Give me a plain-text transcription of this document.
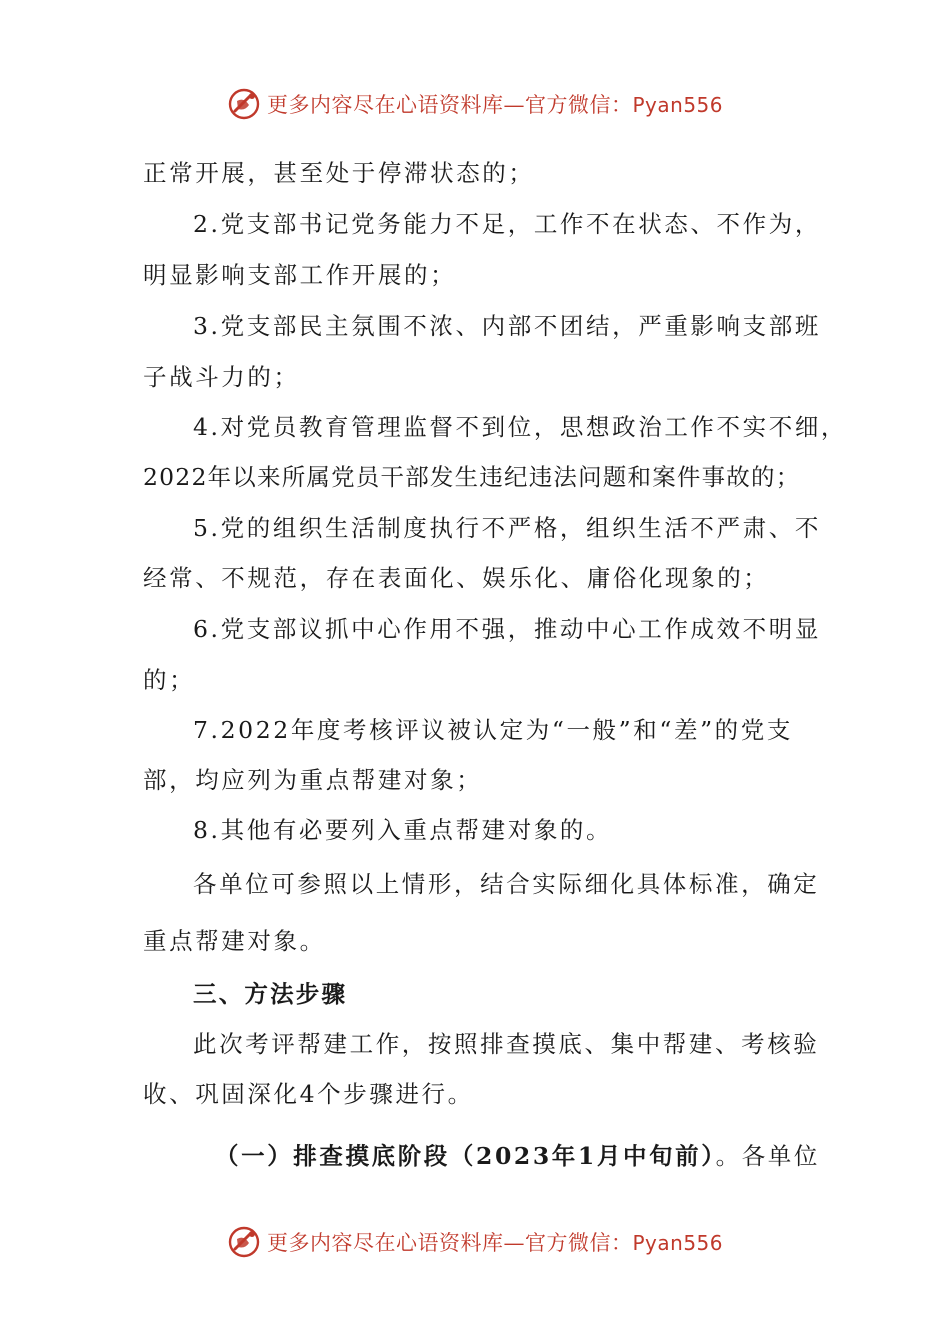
更多内容尽在心语资料库—官方微信：Pyan556
正常开展，甚至处于停滞状态的；
2.党支部书记党务能力不足，工作不在状态、不作为，
明显影响支部工作开展的；
3.党支部民主氛围不浓、内部不团结，严重影响支部班
子战斗力的；
4.对党员教育管理监督不到位，思想政治工作不实不细，
2022年以来所属党员干部发生违纪违法问题和案件事故的；
5.党的组织生活制度执行不严格，组织生活不严肃、不
经常、不规范，存在表面化、娱乐化、庸俗化现象的；
6.党支部议抓中心作用不强，推动中心工作成效不明显
的；
7.2022年度考核评议被认定为“一般”和“差”的党支
部，均应列为重点帮建对象；
8.其他有必要列入重点帮建对象的。
各单位可参照以上情形，结合实际细化具体标准，确定
重点帮建对象。
三、方法步骤
此次考评帮建工作，按照排查摸底、集中帮建、考核验
收、巩固深化4个步骤进行。
（一）排查摸底阶段（2023年1月中旬前）。各单位
更多内容尽在心语资料库—官方微信：Pyan556
